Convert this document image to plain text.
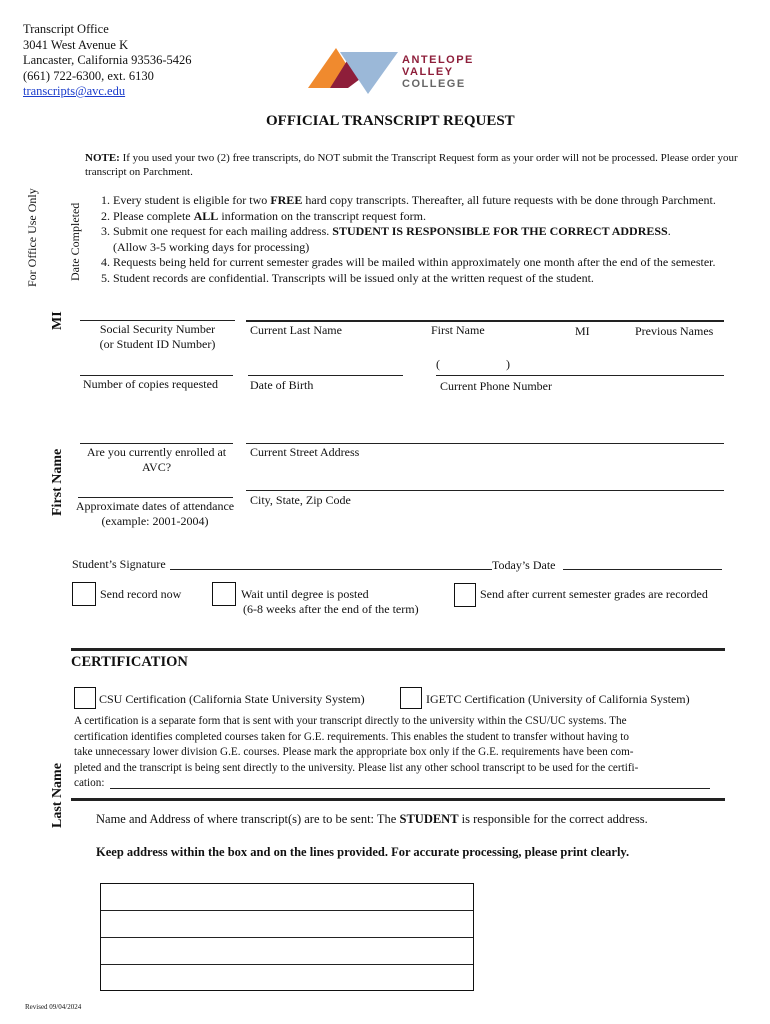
Transcript Office
3041 West Avenue K
Lancaster, California 93536-5426
(661) 722-6300, ext. 6130
transcripts@avc.edu
ANTELOPE
VALLEY
COLLEGE
OFFICIAL TRANSCRIPT REQUEST
NOTE: If you used your two (2) free transcripts, do NOT submit the Transcript Request form as your order will not be processed. Please order your transcript on Parchment.
For Office Use Only Date Completed
MI
First Name
Last Name
1. Every student is eligible for two FREE hard copy transcripts. Thereafter, all future requests with be done through Parchment.
2. Please complete ALL information on the transcript request form.
3. Submit one request for each mailing address. STUDENT IS RESPONSIBLE FOR THE CORRECT ADDRESS.
(Allow 3-5 working days for processing)
4. Requests being held for current semester grades will be mailed within approximately one month after the end of the semester.
5. Student records are confidential. Transcripts will be issued only at the written request of the student.
Social Security Number
(or Student ID Number)
Current Last Name	First Name	MI	Previous Names
(	)
Number of copies requested	Date of Birth	Current Phone Number
Are you currently enrolled at
AVC?
Current Street Address
Approximate dates of attendance
(example: 2001-2004)
City, State, Zip Code
Student’s Signature	Today’s Date
Send record now	Wait until degree is posted
(6-8 weeks after the end of the term)
Send after current semester grades are recorded
CERTIFICATION
CSU Certification (California State University System)	IGETC Certification (University of California System)
A certification is a separate form that is sent with your transcript directly to the university within the CSU/UC systems. The
certification identifies completed courses taken for G.E. requirements. This enables the student to transfer without having to
take unnecessary lower division G.E. courses. Please mark the appropriate box only if the G.E. requirements have been com-
pleted and the transcript is being sent directly to the university. Please list any other school transcript to be used for the certifi-
cation:
Name and Address of where transcript(s) are to be sent: The STUDENT is responsible for the correct address.
Keep address within the box and on the lines provided. For accurate processing, please print clearly.
Revised 09/04/2024
